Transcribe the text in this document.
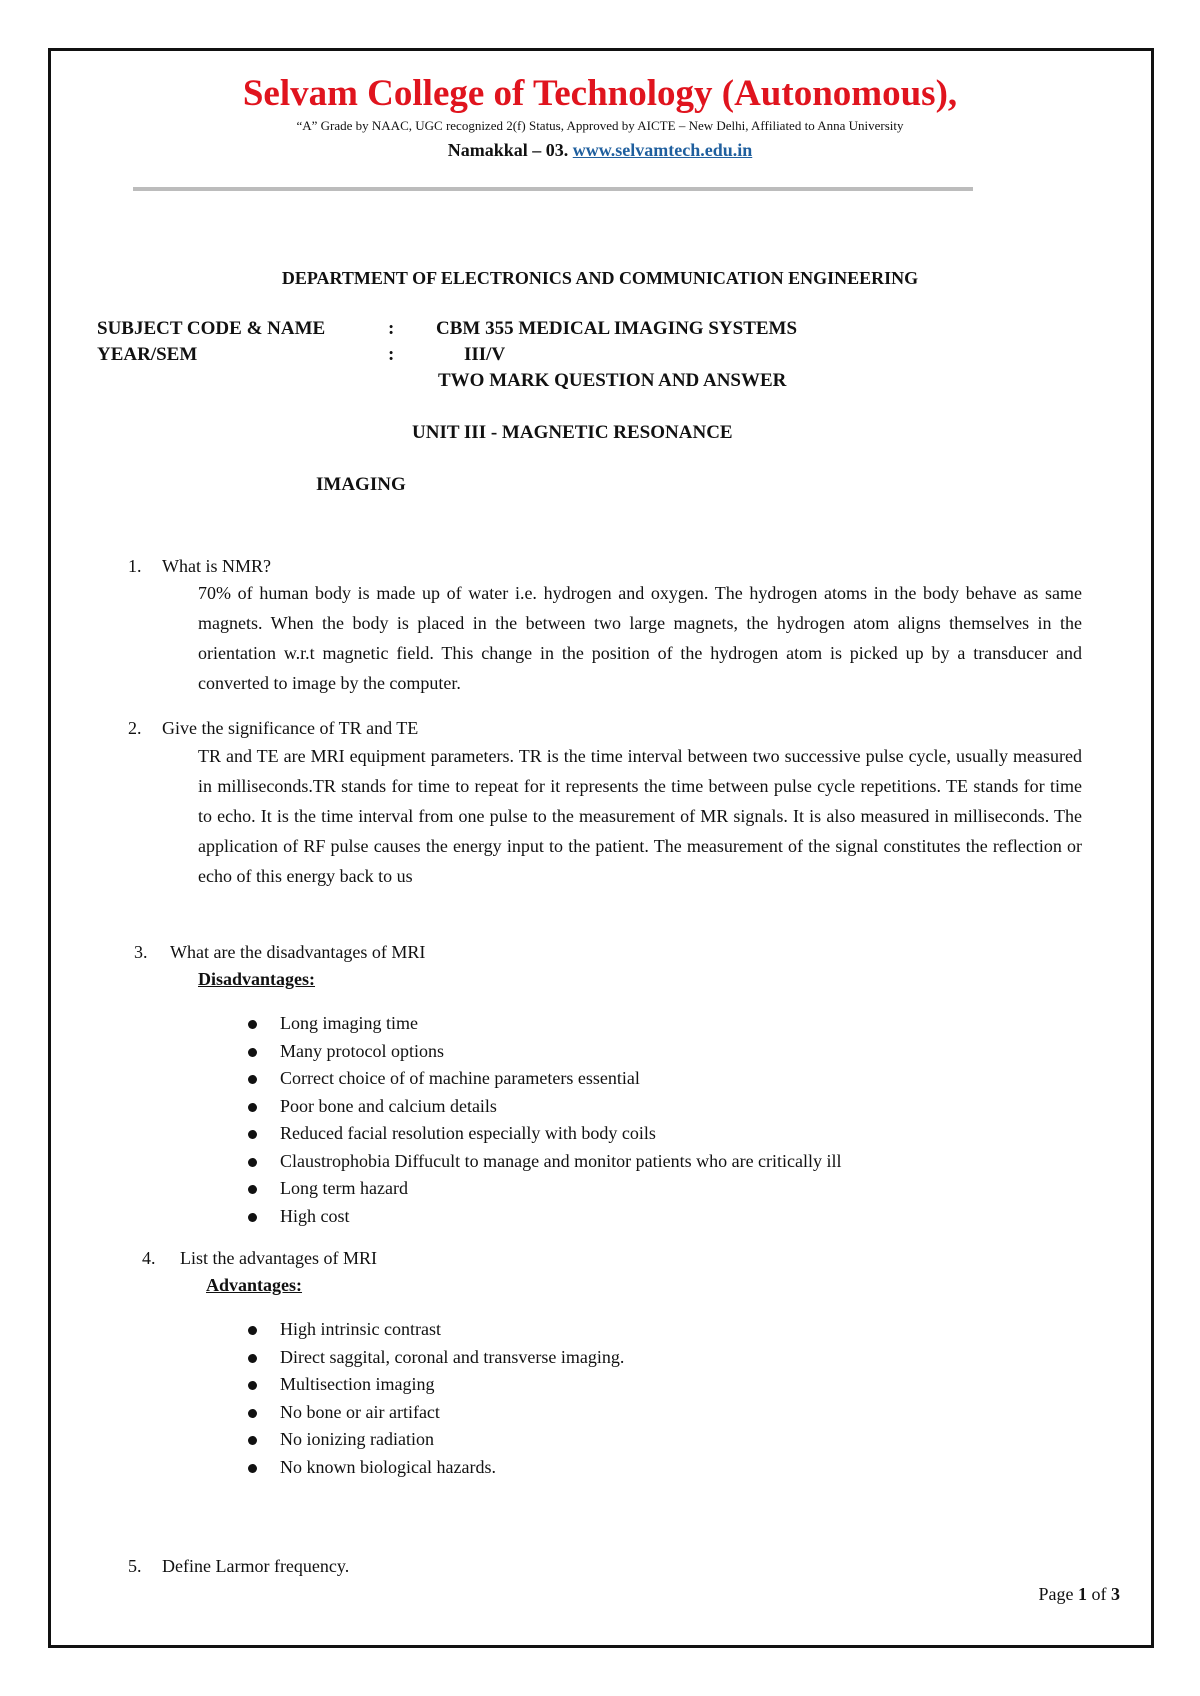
Selvam College of Technology (Autonomous),
“A” Grade by NAAC, UGC recognized 2(f) Status, Approved by AICTE – New Delhi, Affiliated to Anna University
Namakkal – 03. www.selvamtech.edu.in
DEPARTMENT OF ELECTRONICS AND COMMUNICATION ENGINEERING
SUBJECT CODE & NAME	: CBM 355 MEDICAL IMAGING SYSTEMS
YEAR/SEM	:	III/V
TWO MARK QUESTION AND ANSWER
UNIT III - MAGNETIC RESONANCE
IMAGING
1. What is NMR?
70% of human body is made up of water i.e. hydrogen and oxygen. The hydrogen atoms in the body behave as same magnets. When the body is placed in the between two large magnets, the hydrogen atom aligns themselves in the orientation w.r.t magnetic field. This change in the position of the hydrogen atom is picked up by a transducer and converted to image by the computer.
2. Give the significance of TR and TE
TR and TE are MRI equipment parameters. TR is the time interval between two successive pulse cycle, usually measured in milliseconds.TR stands for time to repeat for it represents the time between pulse cycle repetitions. TE stands for time to echo. It is the time interval from one pulse to the measurement of MR signals. It is also measured in milliseconds. The application of RF pulse causes the energy input to the patient. The measurement of the signal constitutes the reflection or echo of this energy back to us
3. What are the disadvantages of MRI
Disadvantages:
Long imaging time
Many protocol options
Correct choice of of machine parameters essential
Poor bone and calcium details
Reduced facial resolution especially with body coils
Claustrophobia Diffucult to manage and monitor patients who are critically ill
Long term hazard
High cost
4. List the advantages of MRI
Advantages:
High intrinsic contrast
Direct saggital, coronal and transverse imaging.
Multisection imaging
No bone or air artifact
No ionizing radiation
No known biological hazards.
5. Define Larmor frequency.
Page 1 of 3
